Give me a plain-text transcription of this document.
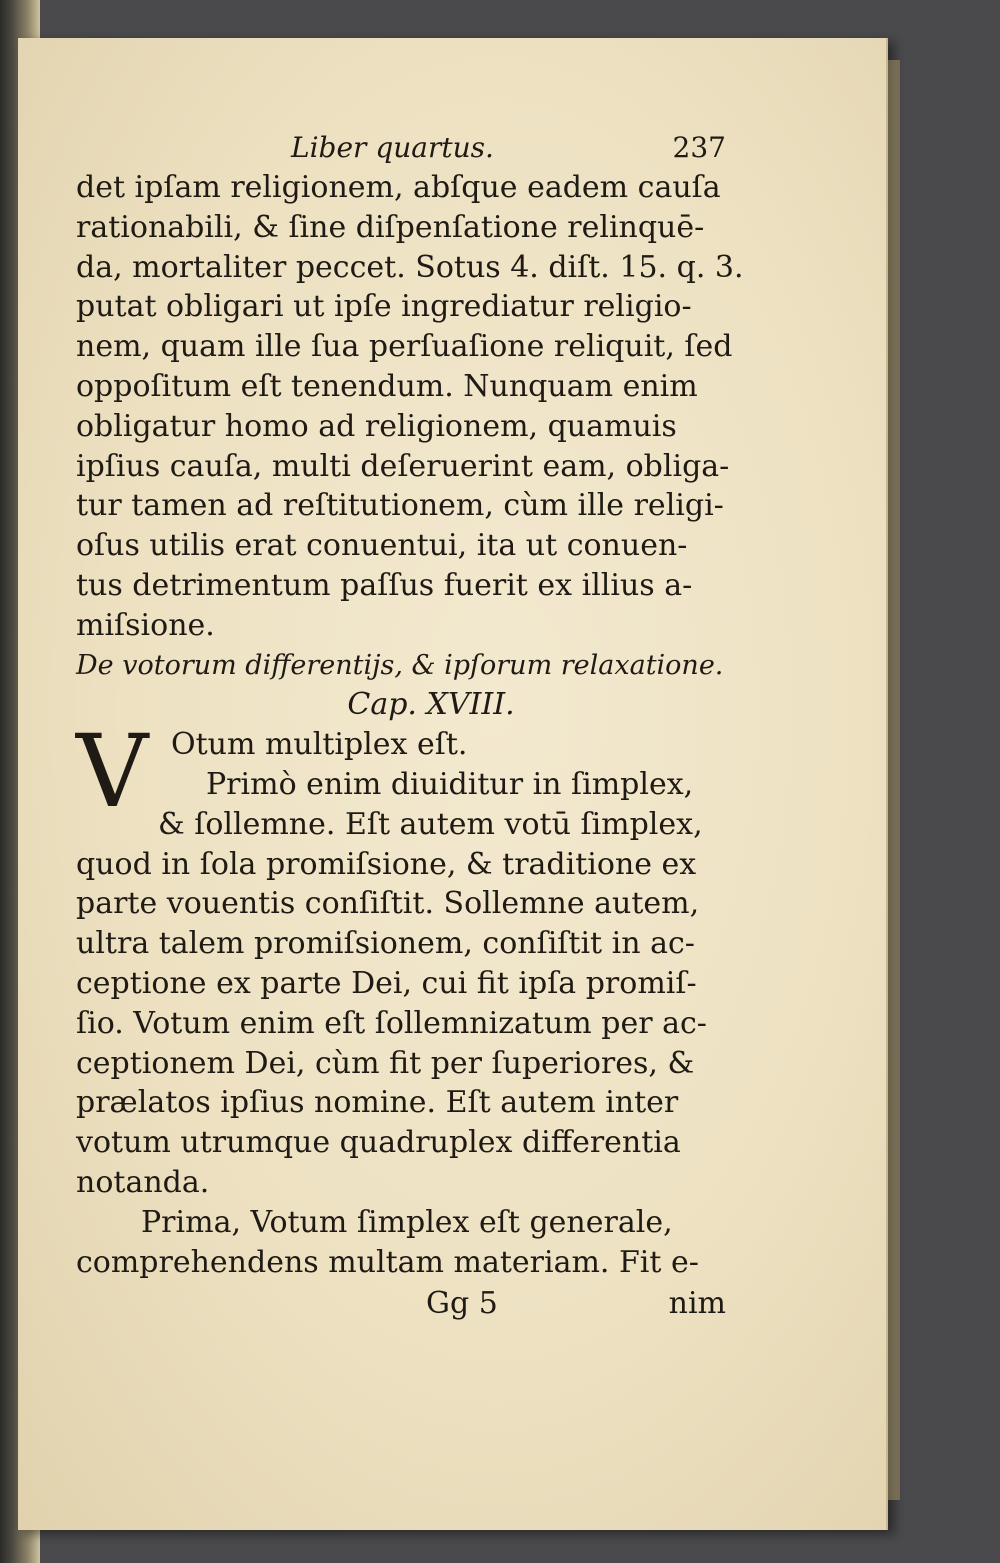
Liber quartus.	237
det ipſam religionem, abſque eadem cauſa
rationabili, & ſine diſpenſatione relinquē-
da, mortaliter peccet. Sotus 4. diſt. 15. q. 3.
putat obligari ut ipſe ingrediatur religio-
nem, quam ille ſua perſuaſione reliquit, ſed
oppoſitum eſt tenendum. Nunquam enim
obligatur homo ad religionem, quamuis
ipſius cauſa, multi deſeruerint eam, obliga-
tur tamen ad reſtitutionem, cùm ille religi-
oſus utilis erat conuentui, ita ut conuen-
tus detrimentum paſſus fuerit ex illius a-
miſsione.
De votorum differentijs, & ipſorum relaxatione.
Cap. XVIII.
V Otum multiplex eſt.
Primò enim diuiditur in ſimplex,
& ſollemne. Eſt autem votū ſimplex,
quod in ſola promiſsione, & traditione ex
parte vouentis conſiſtit. Sollemne autem,
ultra talem promiſsionem, conſiſtit in ac-
ceptione ex parte Dei, cui fit ipſa promiſ-
ſio. Votum enim eſt ſollemnizatum per ac-
ceptionem Dei, cùm fit per ſuperiores, &
prælatos ipſius nomine. Eſt autem inter
votum utrumque quadruplex differentia
notanda.
Prima, Votum ſimplex eſt generale,
comprehendens multam materiam. Fit e-
Gg 5	nim
